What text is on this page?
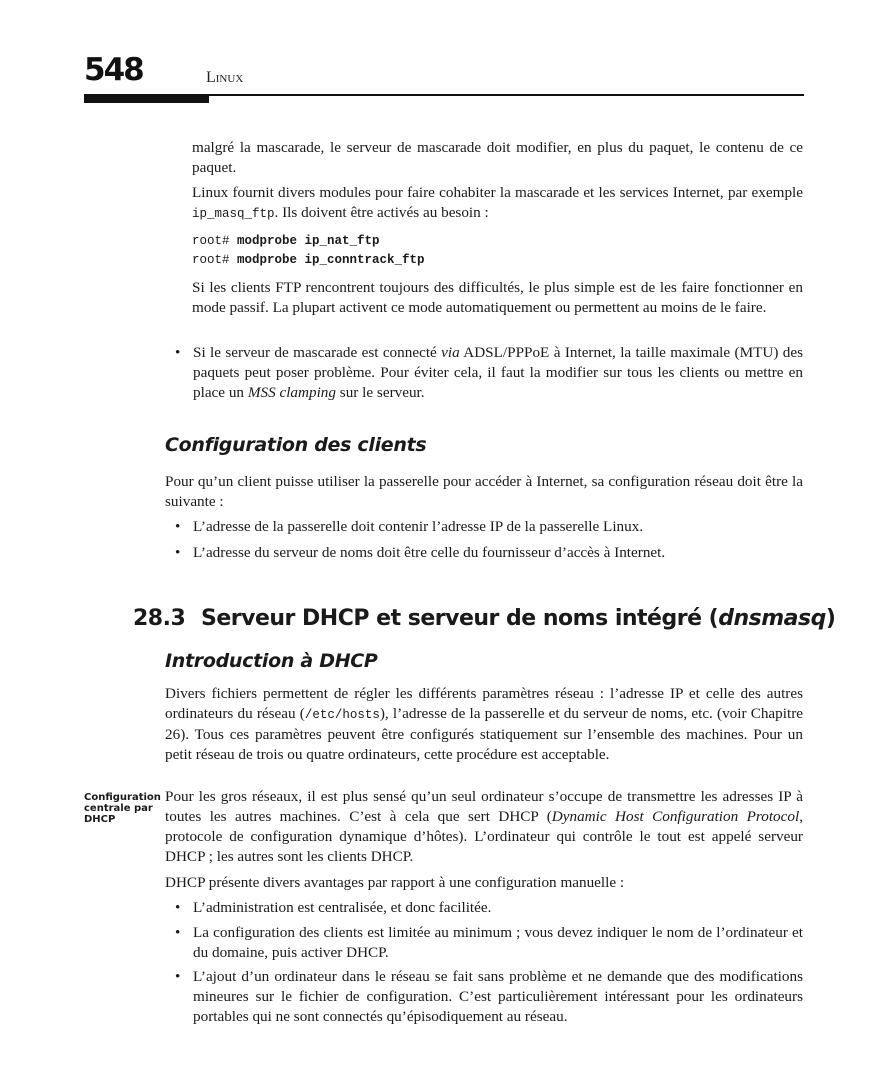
548	Linux

malgré la mascarade, le serveur de mascarade doit modifier, en plus du paquet, le contenu de ce paquet.

Linux fournit divers modules pour faire cohabiter la mascarade et les services Internet, par exemple ip_masq_ftp. Ils doivent être activés au besoin :

root# modprobe ip_nat_ftp
root# modprobe ip_conntrack_ftp

Si les clients FTP rencontrent toujours des difficultés, le plus simple est de les faire fonctionner en mode passif. La plupart activent ce mode automatiquement ou permettent au moins de le faire.

• Si le serveur de mascarade est connecté via ADSL/PPPoE à Internet, la taille maximale (MTU) des paquets peut poser problème. Pour éviter cela, il faut la modifier sur tous les clients ou mettre en place un MSS clamping sur le serveur.

Configuration des clients

Pour qu’un client puisse utiliser la passerelle pour accéder à Internet, sa configuration réseau doit être la suivante :

• L’adresse de la passerelle doit contenir l’adresse IP de la passerelle Linux.

• L’adresse du serveur de noms doit être celle du fournisseur d’accès à Internet.

28.3 Serveur DHCP et serveur de noms intégré (dnsmasq)
Introduction à DHCP

Divers fichiers permettent de régler les différents paramètres réseau : l’adresse IP et celle des autres ordinateurs du réseau (/etc/hosts), l’adresse de la passerelle et du serveur de noms, etc. (voir Chapitre 26). Tous ces paramètres peuvent être configurés statiquement sur l’ensemble des machines. Pour un petit réseau de trois ou quatre ordinateurs, cette procédure est acceptable.

Configuration centrale par DHCP

Pour les gros réseaux, il est plus sensé qu’un seul ordinateur s’occupe de transmettre les adresses IP à toutes les autres machines. C’est à cela que sert DHCP (Dynamic Host Configuration Protocol, protocole de configuration dynamique d’hôtes). L’ordinateur qui contrôle le tout est appelé serveur DHCP ; les autres sont les clients DHCP.

DHCP présente divers avantages par rapport à une configuration manuelle :

• L’administration est centralisée, et donc facilitée.

• La configuration des clients est limitée au minimum ; vous devez indiquer le nom de l’ordinateur et du domaine, puis activer DHCP.

• L’ajout d’un ordinateur dans le réseau se fait sans problème et ne demande que des modifications mineures sur le fichier de configuration. C’est particulièrement intéressant pour les ordinateurs portables qui ne sont connectés qu’épisodiquement au réseau.
